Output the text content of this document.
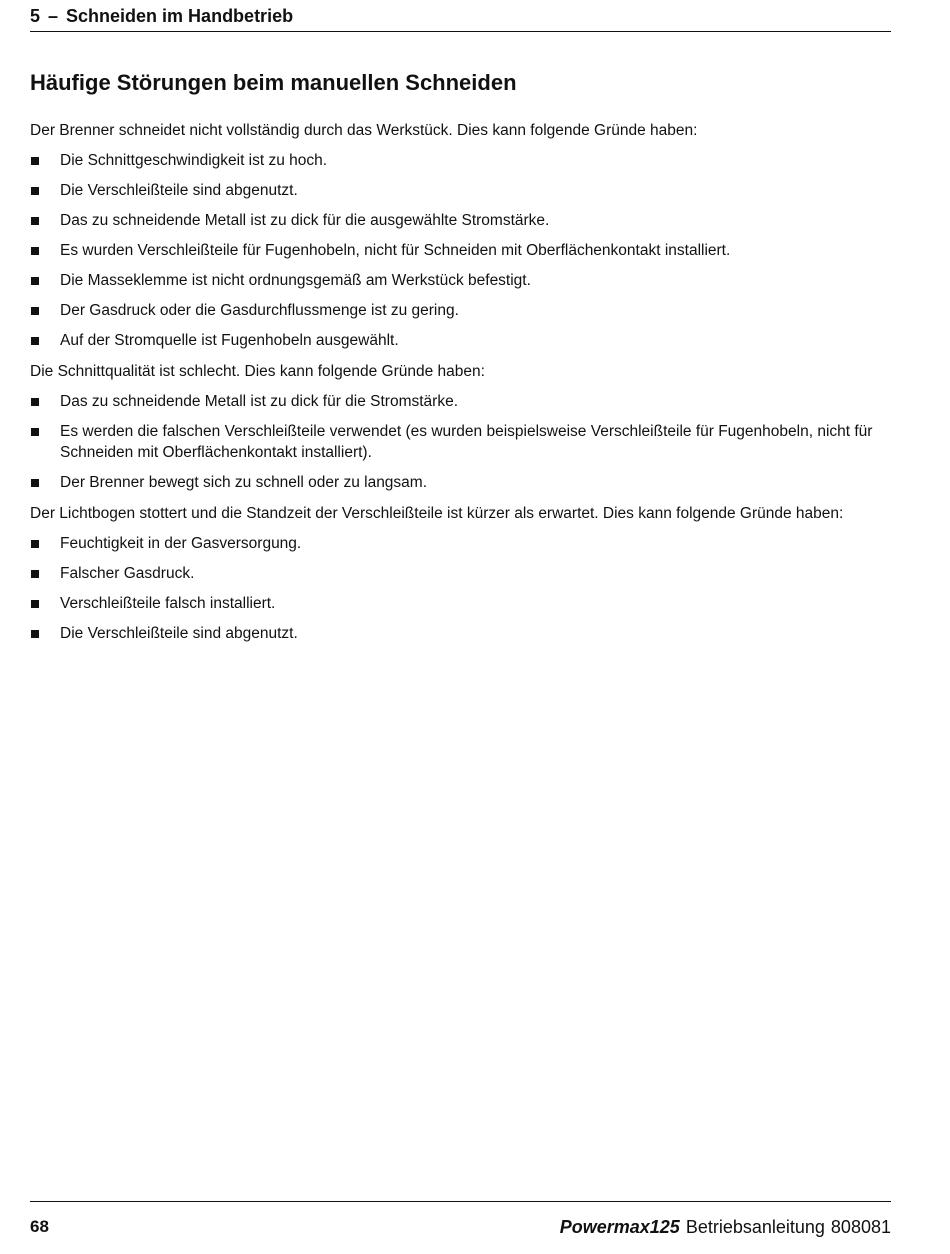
5 – Schneiden im Handbetrieb
Häufige Störungen beim manuellen Schneiden

Der Brenner schneidet nicht vollständig durch das Werkstück. Dies kann folgende Gründe haben:

Die Schnittgeschwindigkeit ist zu hoch.
Die Verschleißteile sind abgenutzt.
Das zu schneidende Metall ist zu dick für die ausgewählte Stromstärke.
Es wurden Verschleißteile für Fugenhobeln, nicht für Schneiden mit Oberflächenkontakt installiert.
Die Masseklemme ist nicht ordnungsgemäß am Werkstück befestigt.
Der Gasdruck oder die Gasdurchflussmenge ist zu gering.
Auf der Stromquelle ist Fugenhobeln ausgewählt.

Die Schnittqualität ist schlecht. Dies kann folgende Gründe haben:

Das zu schneidende Metall ist zu dick für die Stromstärke.
Es werden die falschen Verschleißteile verwendet (es wurden beispielsweise Verschleißteile für Fugenhobeln, nicht für Schneiden mit Oberflächenkontakt installiert).
Der Brenner bewegt sich zu schnell oder zu langsam.

Der Lichtbogen stottert und die Standzeit der Verschleißteile ist kürzer als erwartet. Dies kann folgende Gründe haben:

Feuchtigkeit in der Gasversorgung.
Falscher Gasdruck.
Verschleißteile falsch installiert.
Die Verschleißteile sind abgenutzt.
68	Powermax125 Betriebsanleitung 808081
